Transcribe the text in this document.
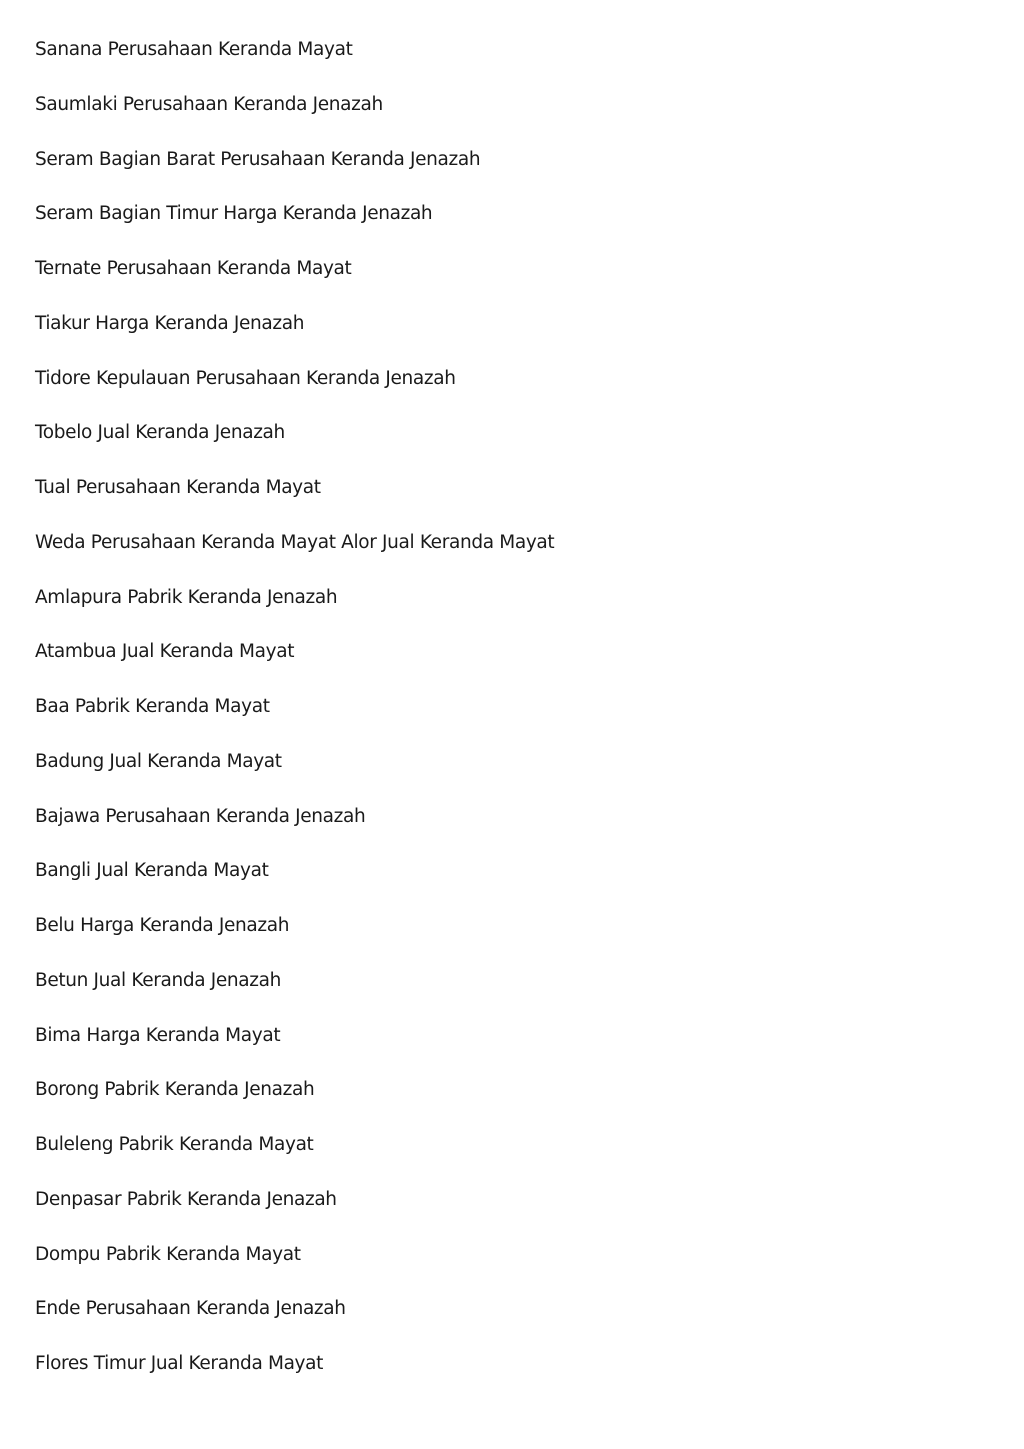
Sanana Perusahaan Keranda Mayat
Saumlaki Perusahaan Keranda Jenazah
Seram Bagian Barat Perusahaan Keranda Jenazah
Seram Bagian Timur Harga Keranda Jenazah
Ternate Perusahaan Keranda Mayat
Tiakur Harga Keranda Jenazah
Tidore Kepulauan Perusahaan Keranda Jenazah
Tobelo Jual Keranda Jenazah
Tual Perusahaan Keranda Mayat
Weda Perusahaan Keranda Mayat Alor Jual Keranda Mayat
Amlapura Pabrik Keranda Jenazah
Atambua Jual Keranda Mayat
Baa Pabrik Keranda Mayat
Badung Jual Keranda Mayat
Bajawa Perusahaan Keranda Jenazah
Bangli Jual Keranda Mayat
Belu Harga Keranda Jenazah
Betun Jual Keranda Jenazah
Bima Harga Keranda Mayat
Borong Pabrik Keranda Jenazah
Buleleng Pabrik Keranda Mayat
Denpasar Pabrik Keranda Jenazah
Dompu Pabrik Keranda Mayat
Ende Perusahaan Keranda Jenazah
Flores Timur Jual Keranda Mayat
